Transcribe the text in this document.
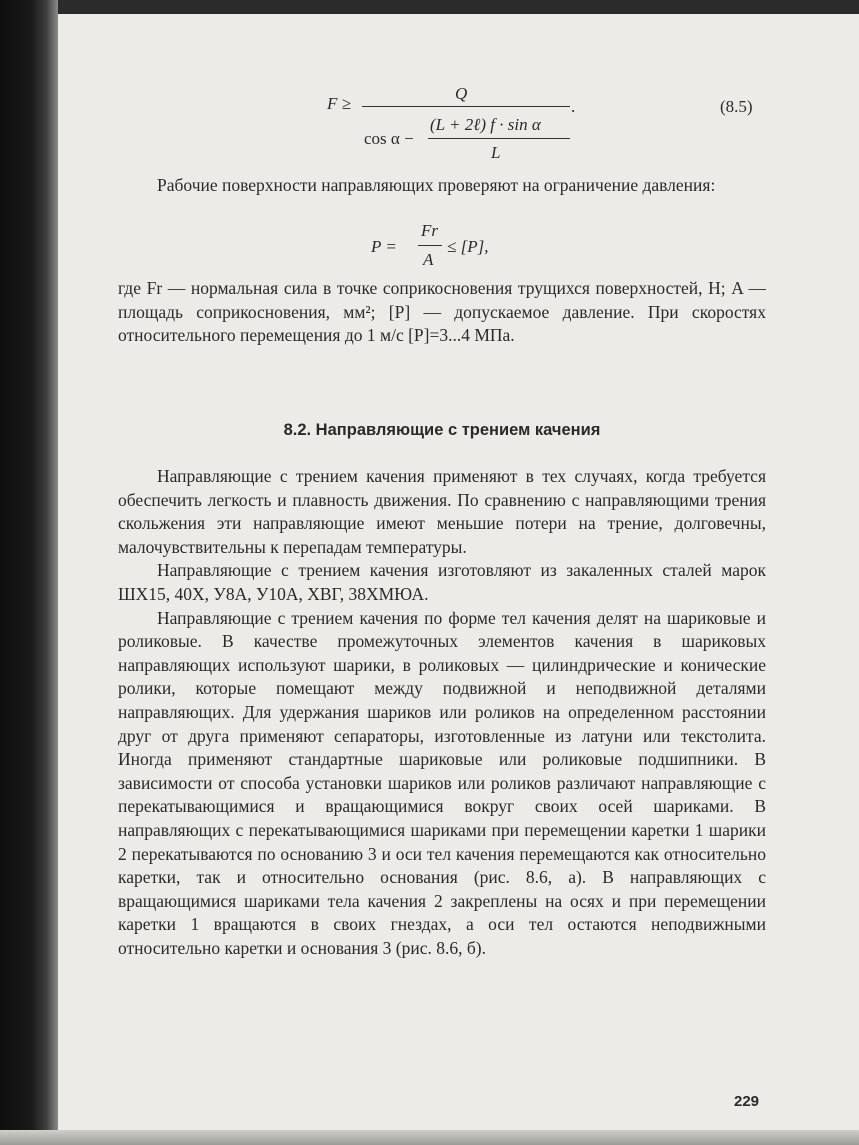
F ≥
Q
cos α −
(L + 2ℓ) f · sin α
L
.	(8.5)

Рабочие поверхности направляющих проверяют на ограничение давления:

P =
Fr
A
≤ [P],

где Fr — нормальная сила в точке соприкосновения трущихся поверхностей, Н; A — площадь соприкосновения, мм²; [P] — допускаемое давление. При скоростях относительного перемещения до 1 м/с [P]=3...4 МПа.

8.2. Направляющие с трением качения

Направляющие с трением качения применяют в тех случаях, когда требуется обеспечить легкость и плавность движения. По сравнению с направляющими трения скольжения эти направляющие имеют меньшие потери на трение, долговечны, малочувствительны к перепадам температуры.

Направляющие с трением качения изготовляют из закаленных сталей марок ШХ15, 40Х, У8А, У10А, ХВГ, 38ХМЮА.

Направляющие с трением качения по форме тел качения делят на шариковые и роликовые. В качестве промежуточных элементов качения в шариковых направляющих используют шарики, в роликовых — цилиндрические и конические ролики, которые помещают между подвижной и неподвижной деталями направляющих. Для удержания шариков или роликов на определенном расстоянии друг от друга применяют сепараторы, изготовленные из латуни или текстолита. Иногда применяют стандартные шариковые или роликовые подшипники. В зависимости от способа установки шариков или роликов различают направляющие с перекатывающимися и вращающимися вокруг своих осей шариками. В направляющих с перекатывающимися шариками при перемещении каретки 1 шарики 2 перекатываются по основанию 3 и оси тел качения перемещаются как относительно каретки, так и относительно основания (рис. 8.6, а). В направляющих с вращающимися шариками тела качения 2 закреплены на осях и при перемещении каретки 1 вращаются в своих гнездах, а оси тел остаются неподвижными относительно каретки и основания 3 (рис. 8.6, б).

229
